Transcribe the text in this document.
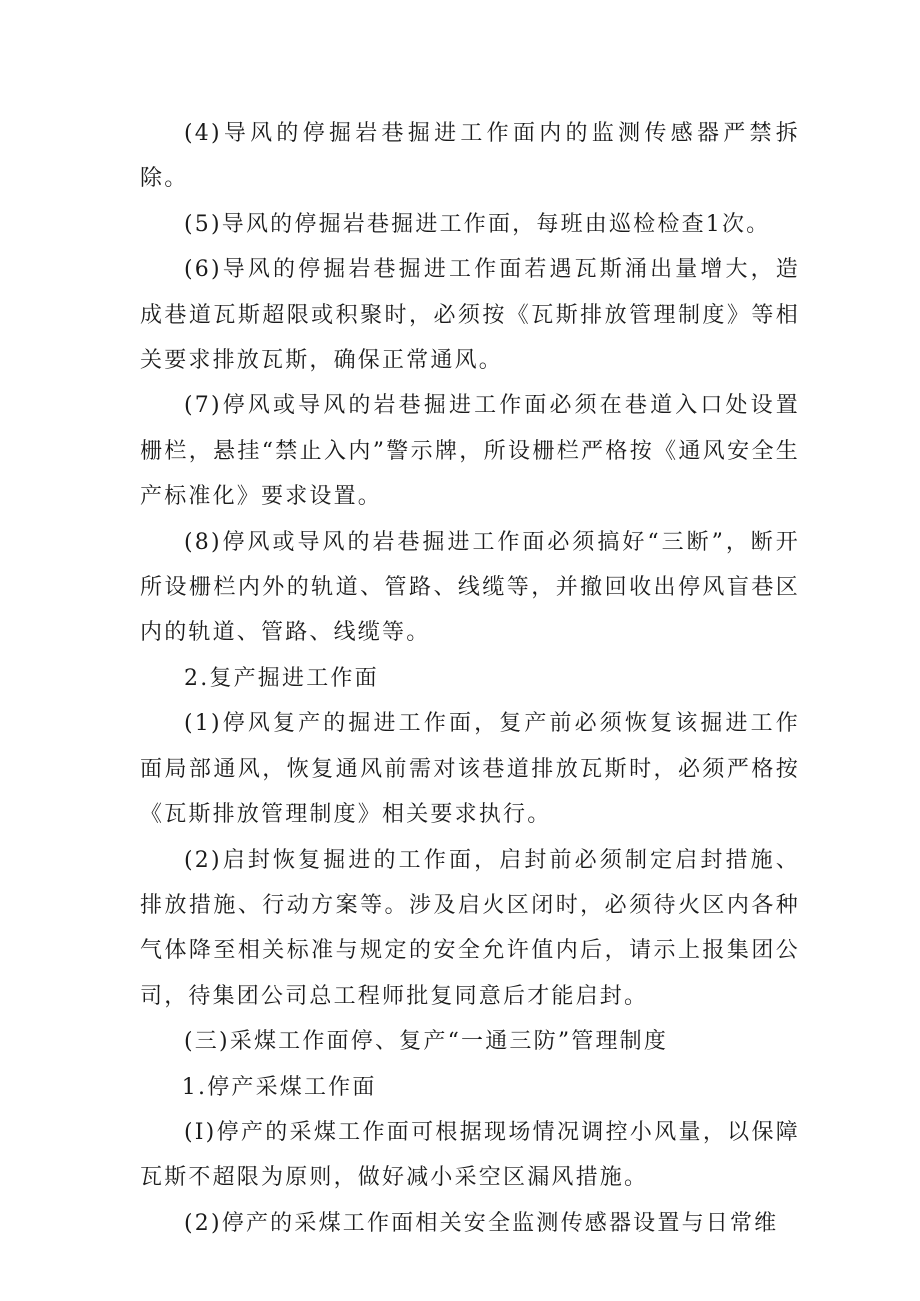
(4)导风的停掘岩巷掘进工作面内的监测传感器严禁拆除。

(5)导风的停掘岩巷掘进工作面，每班由巡检检查1次。

(6)导风的停掘岩巷掘进工作面若遇瓦斯涌出量增大，造成巷道瓦斯超限或积聚时，必须按《瓦斯排放管理制度》等相关要求排放瓦斯，确保正常通风。

(7)停风或导风的岩巷掘进工作面必须在巷道入口处设置栅栏，悬挂“禁止入内”警示牌，所设栅栏严格按《通风安全生产标准化》要求设置。

(8)停风或导风的岩巷掘进工作面必须搞好“三断”，断开所设栅栏内外的轨道、管路、线缆等，并撤回收出停风盲巷区内的轨道、管路、线缆等。

2.复产掘进工作面

(1)停风复产的掘进工作面，复产前必须恢复该掘进工作面局部通风，恢复通风前需对该巷道排放瓦斯时，必须严格按《瓦斯排放管理制度》相关要求执行。

(2)启封恢复掘进的工作面，启封前必须制定启封措施、排放措施、行动方案等。涉及启火区闭时，必须待火区内各种气体降至相关标准与规定的安全允许值内后，请示上报集团公司，待集团公司总工程师批复同意后才能启封。

(三)采煤工作面停、复产“一通三防”管理制度

1.停产采煤工作面

(I)停产的采煤工作面可根据现场情况调控小风量，以保障瓦斯不超限为原则，做好减小采空区漏风措施。

(2)停产的采煤工作面相关安全监测传感器设置与日常维
